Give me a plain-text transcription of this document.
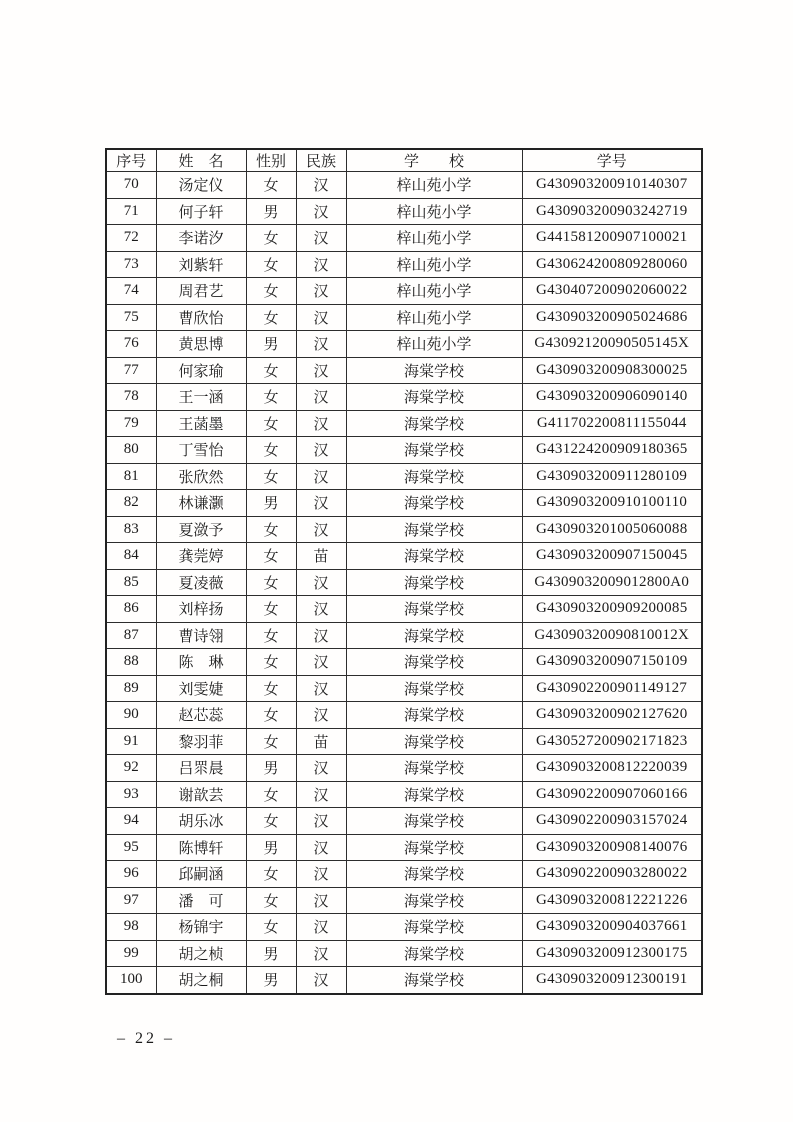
序号	姓　名	性别	民族	学　　校	学号
70	汤定仪	女	汉	梓山苑小学	G430903200910140307
71	何子轩	男	汉	梓山苑小学	G430903200903242719
72	李诺汐	女	汉	梓山苑小学	G441581200907100021
73	刘紫轩	女	汉	梓山苑小学	G430624200809280060
74	周君艺	女	汉	梓山苑小学	G430407200902060022
75	曹欣怡	女	汉	梓山苑小学	G430903200905024686
76	黄思博	男	汉	梓山苑小学	G43092120090505145X
77	何家瑜	女	汉	海棠学校	G430903200908300025
78	王一涵	女	汉	海棠学校	G430903200906090140
79	王菡墨	女	汉	海棠学校	G411702200811155044
80	丁雪怡	女	汉	海棠学校	G431224200909180365
81	张欣然	女	汉	海棠学校	G430903200911280109
82	林谦灏	男	汉	海棠学校	G430903200910100110
83	夏潋予	女	汉	海棠学校	G430903201005060088
84	龚莞婷	女	苗	海棠学校	G430903200907150045
85	夏凌薇	女	汉	海棠学校	G4309032009012800A0
86	刘梓扬	女	汉	海棠学校	G430903200909200085
87	曹诗翎	女	汉	海棠学校	G43090320090810012X
88	陈　琳	女	汉	海棠学校	G430903200907150109
89	刘雯婕	女	汉	海棠学校	G430902200901149127
90	赵芯蕊	女	汉	海棠学校	G430903200902127620
91	黎羽菲	女	苗	海棠学校	G430527200902171823
92	吕眔晨	男	汉	海棠学校	G430903200812220039
93	谢歆芸	女	汉	海棠学校	G430902200907060166
94	胡乐冰	女	汉	海棠学校	G430902200903157024
95	陈博轩	男	汉	海棠学校	G430903200908140076
96	邱嗣涵	女	汉	海棠学校	G430902200903280022
97	潘　可	女	汉	海棠学校	G430903200812221226
98	杨锦宇	女	汉	海棠学校	G430903200904037661
99	胡之桢	男	汉	海棠学校	G430903200912300175
100	胡之桐	男	汉	海棠学校	G430903200912300191
– 22 –
